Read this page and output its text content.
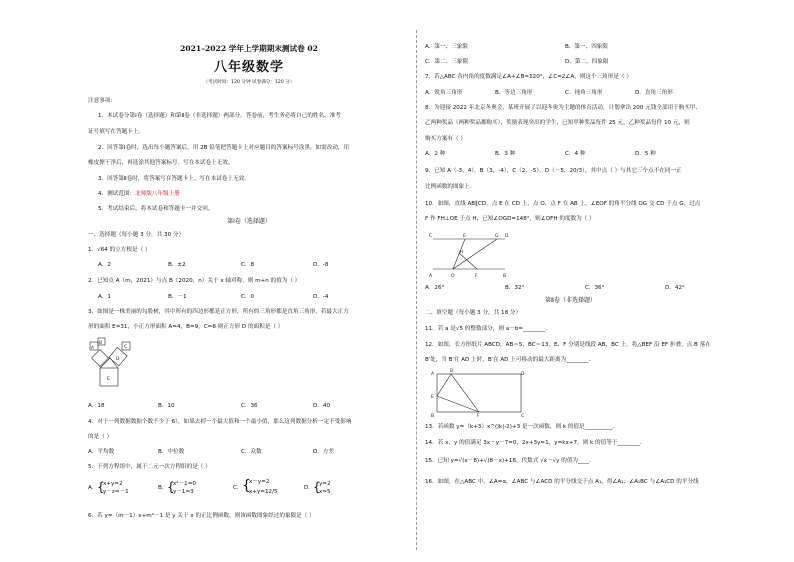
2021–2022 学年上学期期末测试卷 02
八年级数学
（考试时间：120 分钟 试卷满分：120 分）
注意事项：
1．本试卷分第Ⅰ卷（选择题）和第Ⅱ卷（非选择题）两部分。答卷前，考生务必将自己的姓名、准考
证号填写在答题卡上。
2．回答第Ⅰ卷时，选出每小题答案后，用 2B 铅笔把答题卡上对应题目的答案标号涂黑。如需改动，用
橡皮擦干净后，再选涂其他答案标号。写在本试卷上无效。
3．回答第Ⅱ卷时，将答案写在答题卡上。写在本试卷上无效。
4．测试范围：北师版八年级上册
5．考试结束后，将本试卷和答题卡一并交回。
第Ⅰ卷（选择题）
一、选择题（每小题 3 分，共 30 分）
1．√64 的立方根是（ ）
A．2	B．±2	C．8	D．-8
2．已知点 A（m，2021）与点 B（2020，n）关于 x 轴对称，则 m+n 的值为（ ）
A．1	B．－1	C．0	D．-4
3．如图是一株美丽的勾股树，其中所有的四边形都是正方形，所有的三角形都是直角三角形，若最大正方
形的面积 E=31，小正方形面积 A=4，B=9，C=8 则正方形 D 的面积是（ ）
A
B
C
D
E
A．18	B．10	C．36	D．40
4．对于一列数据数据个数不少于 6），如果去掉一个最大值和一个最小值，那么这列数据分析一定不受影响
的是（ ）
A．平均数	B．中位数	C．众数	D．方差
5．下列方程组中，属于二元一次方程组的是（ ）
A． {
x+y=2
y－z=－1
B． {
x²－1=0
y－1=3
C． {
x－y=2
x+y=12/5
D． {
y=2
x=5
6．若 y=（m－1）x+m²－1 是 y 关于 x 的正比例函数，则该函数图象经过的象限是（ ）
A．第一、三象限	B．第一、四象限
C．第二、三象限	D．第二、四象限
7．若△ABC 各内角的度数满足∠A+∠B=120°，∠C=2∠A，则这个三角形是（ ）
A．锐角三角形	B．等边三角形	C．钝角三角形	D．直角三角形
8．为迎接 2022 年北京冬奥会，某班开展了以迎冬奥为主题的体育活动，计划拿出 200 元钱全部用于购买甲、
乙两种奖品（两种奖品都购买），奖励表现突出的学生，已知甲种奖品每件 25 元，乙种奖品每件 10 元，则
购买方案有（ ）
A．2 种	B．3 种	C．4 种	D．5 种
9．已知 A（-3，4），B（3，-4），C（2，-5），D（－5，20/3），其中点（ ）与其它三个点不在同一正
比例函数的图象上.
10．如图，直线 AB∥CD，点 E 在 CD 上，点 O、点 F 在 AB 上，∠EOF 的角平分线 OG 交 CD 于点 G，过点
F 作 FH⊥OE 于点 H，已知∠OGD=148°，则∠OFH 的度数为（ ）
C	E	G D
A	O	F	B
H
A．26°	B．32°	C．36°	D．42°
第Ⅱ卷（非选择题）
二、填空题（每小题 3 分，共 18 分）
11．若 a 是√5 的整数部分，则 a－b=________．
12．如图，长方形纸片 ABCD，AB＝5，BC＝13，E、F 分别是线段 AB、BC 上，将△BEF 沿 EF 折叠，点 B 落在
B′处，当 B′在 AD 上时，B′在 AD 上可移动的最大距离为________．
A
B′
D
E
B	F	C
13．若函数 y=（k+3）x^(|k|-2)+3 是一次函数，则 k 的值是__________．
14．若 x，y 的值满足 3x－y－7=0，2x+3y=1，y=kx+7，则 k 的值等于________．
15．已知 y=√(x－8)+√(8－x)+18，代数式 √x－√y 的值为____．
16．如图，在△ABC 中，∠A=α，∠ABC 与∠ACD 的平分线交于点 A₁，得∠A₁；∠A₁BC 与∠A₁CD 的平分线
